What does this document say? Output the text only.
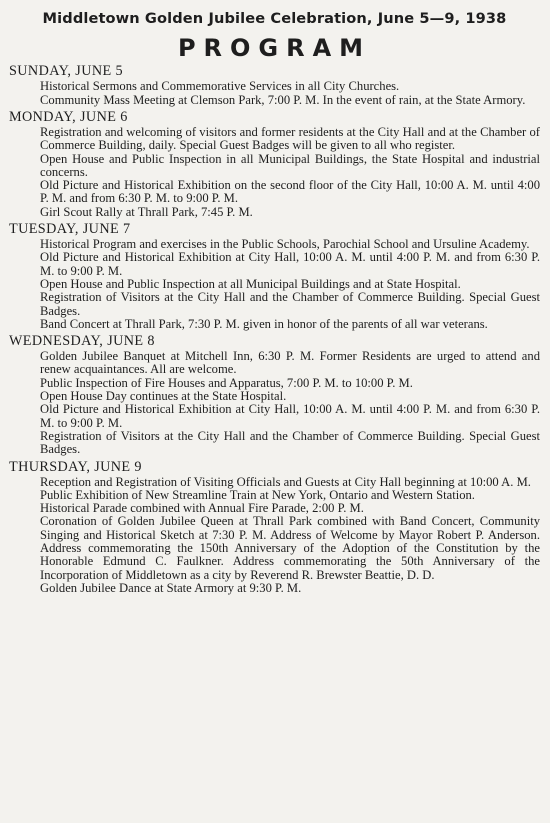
Middletown Golden Jubilee Celebration, June 5—9, 1938
PROGRAM
SUNDAY, JUNE 5
Historical Sermons and Commemorative Services in all City Churches.
Community Mass Meeting at Clemson Park, 7:00 P. M. In the event of rain, at the State Armory.
MONDAY, JUNE 6
Registration and welcoming of visitors and former residents at the City Hall and at the Chamber of Commerce Building, daily. Special Guest Badges will be given to all who register.
Open House and Public Inspection in all Municipal Buildings, the State Hospital and industrial concerns.
Old Picture and Historical Exhibition on the second floor of the City Hall, 10:00 A. M. until 4:00 P. M. and from 6:30 P. M. to 9:00 P. M.
Girl Scout Rally at Thrall Park, 7:45 P. M.
TUESDAY, JUNE 7
Historical Program and exercises in the Public Schools, Parochial School and Ursuline Academy.
Old Picture and Historical Exhibition at City Hall, 10:00 A. M. until 4:00 P. M. and from 6:30 P. M. to 9:00 P. M.
Open House and Public Inspection at all Municipal Buildings and at State Hospital.
Registration of Visitors at the City Hall and the Chamber of Commerce Building. Special Guest Badges.
Band Concert at Thrall Park, 7:30 P. M. given in honor of the parents of all war veterans.
WEDNESDAY, JUNE 8
Golden Jubilee Banquet at Mitchell Inn, 6:30 P. M. Former Residents are urged to attend and renew acquaintances. All are welcome.
Public Inspection of Fire Houses and Apparatus, 7:00 P. M. to 10:00 P. M.
Open House Day continues at the State Hospital.
Old Picture and Historical Exhibition at City Hall, 10:00 A. M. until 4:00 P. M. and from 6:30 P. M. to 9:00 P. M.
Registration of Visitors at the City Hall and the Chamber of Commerce Building. Special Guest Badges.
THURSDAY, JUNE 9
Reception and Registration of Visiting Officials and Guests at City Hall beginning at 10:00 A. M.
Public Exhibition of New Streamline Train at New York, Ontario and Western Station.
Historical Parade combined with Annual Fire Parade, 2:00 P. M.
Coronation of Golden Jubilee Queen at Thrall Park combined with Band Concert, Community Singing and Historical Sketch at 7:30 P. M. Address of Welcome by Mayor Robert P. Anderson. Address commemorating the 150th Anniversary of the Adoption of the Constitution by the Honorable Edmund C. Faulkner. Address commemorating the 50th Anniversary of the Incorporation of Middletown as a city by Reverend R. Brewster Beattie, D. D.
Golden Jubilee Dance at State Armory at 9:30 P. M.
